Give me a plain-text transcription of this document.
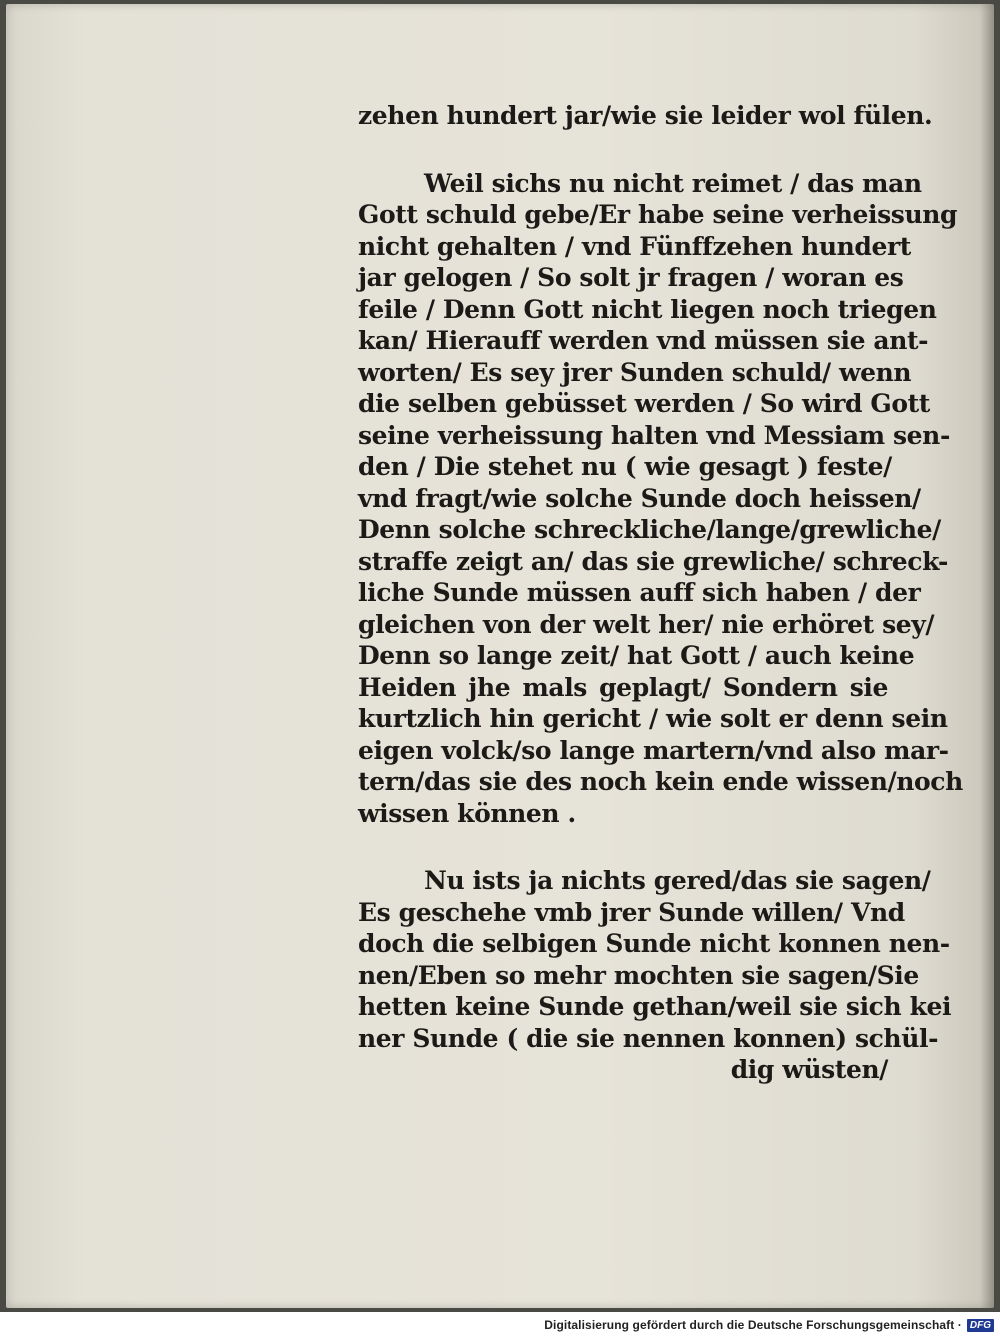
zehen hundert jar/wie sie leider wol fülen.
Weil sichs nu nicht reimet / das man
Gott schuld gebe/Er habe seine verheissung
nicht gehalten / vnd Fünffzehen hundert
jar gelogen / So solt jr fragen / woran es
feile / Denn Gott nicht liegen noch triegen
kan/ Hierauff werden vnd müssen sie ant-
worten/ Es sey jrer Sunden schuld/ wenn
die selben gebüsset werden / So wird Gott
seine verheissung halten vnd Messiam sen-
den / Die stehet nu ( wie gesagt ) feste/
vnd fragt/wie solche Sunde doch heissen/
Denn solche schreckliche/lange/grewliche/
straffe zeigt an/ das sie grewliche/ schreck-
liche Sunde müssen auff sich haben / der
gleichen von der welt her/ nie erhöret sey/
Denn so lange zeit/ hat Gott / auch keine
Heiden jhe mals geplagt/ Sondern sie
kurtzlich hin gericht / wie solt er denn sein
eigen volck/so lange martern/vnd also mar-
tern/das sie des noch kein ende wissen/noch
wissen können .
Nu ists ja nichts gered/das sie sagen/
Es geschehe vmb jrer Sunde willen/ Vnd
doch die selbigen Sunde nicht konnen nen-
nen/Eben so mehr mochten sie sagen/Sie
hetten keine Sunde gethan/weil sie sich kei
ner Sunde ( die sie nennen konnen) schül-
dig wüsten/
Digitalisierung gefördert durch die Deutsche Forschungsgemeinschaft · DFG
